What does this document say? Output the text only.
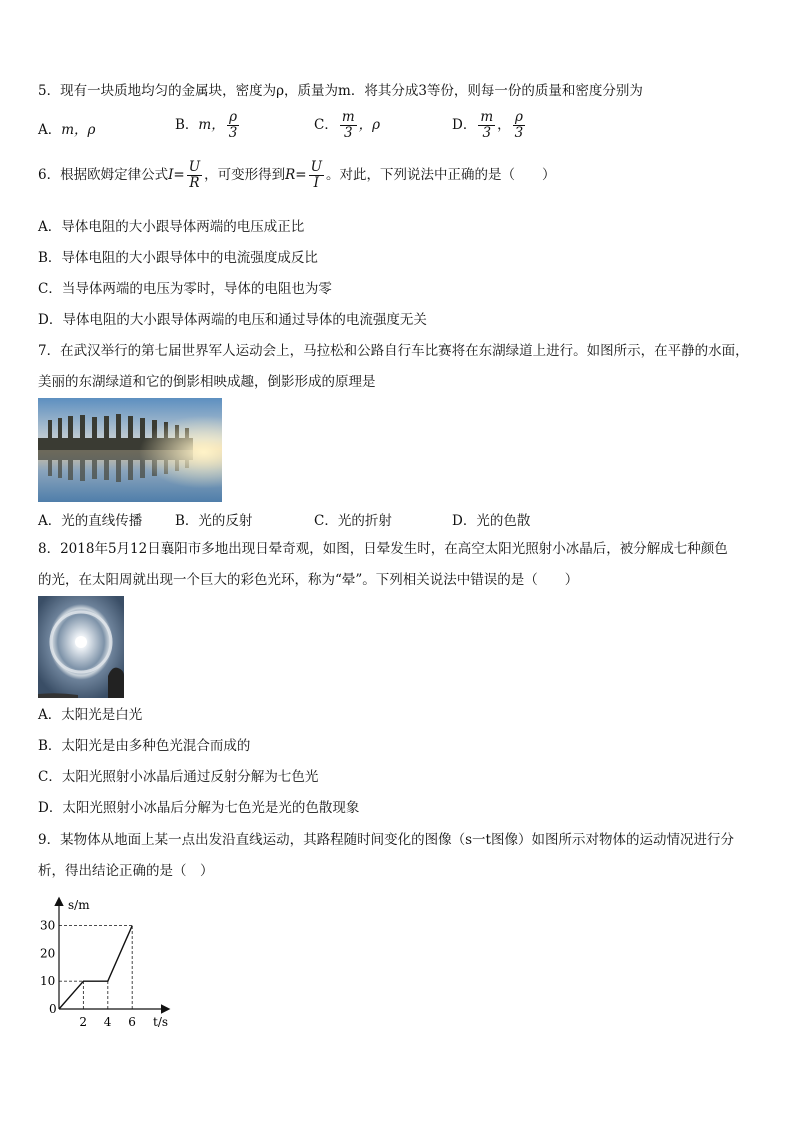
5．现有一块质地均匀的金属块，密度为ρ，质量为m．将其分成3等份，则每一份的质量和密度分别为
A．m，ρ	B．m， $\frac{\rho}{3}$	C． $\frac{m}{3}$ ，ρ	D． $\frac{m}{3}$ ， $\frac{\rho}{3}$
6．根据欧姆定律公式$I= \frac{U}{R}$ ，可变形得到$R= \frac{U}{I}$ 。对此，下列说法中正确的是（　　）
A．导体电阻的大小跟导体两端的电压成正比
B．导体电阻的大小跟导体中的电流强度成反比
C．当导体两端的电压为零时，导体的电阻也为零
D．导体电阻的大小跟导体两端的电压和通过导体的电流强度无关
7．在武汉举行的第七届世界军人运动会上，马拉松和公路自行车比赛将在东湖绿道上进行。如图所示，在平静的水面，
美丽的东湖绿道和它的倒影相映成趣，倒影形成的原理是
A．光的直线传播 B．光的反射	C．光的折射	D．光的色散
8．2018年5月12日襄阳市多地出现日晕奇观，如图，日晕发生时，在高空太阳光照射小冰晶后，被分解成七种颜色
的光，在太阳周就出现一个巨大的彩色光环，称为“晕”。下列相关说法中错误的是（　　）
A．太阳光是白光
B．太阳光是由多种色光混合而成的
C．太阳光照射小冰晶后通过反射分解为七色光
D．太阳光照射小冰晶后分解为七色光是光的色散现象
9．某物体从地面上某一点出发沿直线运动，其路程随时间变化的图像（s一t图像）如图所示对物体的运动情况进行分
析，得出结论正确的是（　）
s/m
t/s
0
2 4 6
10
20
30
